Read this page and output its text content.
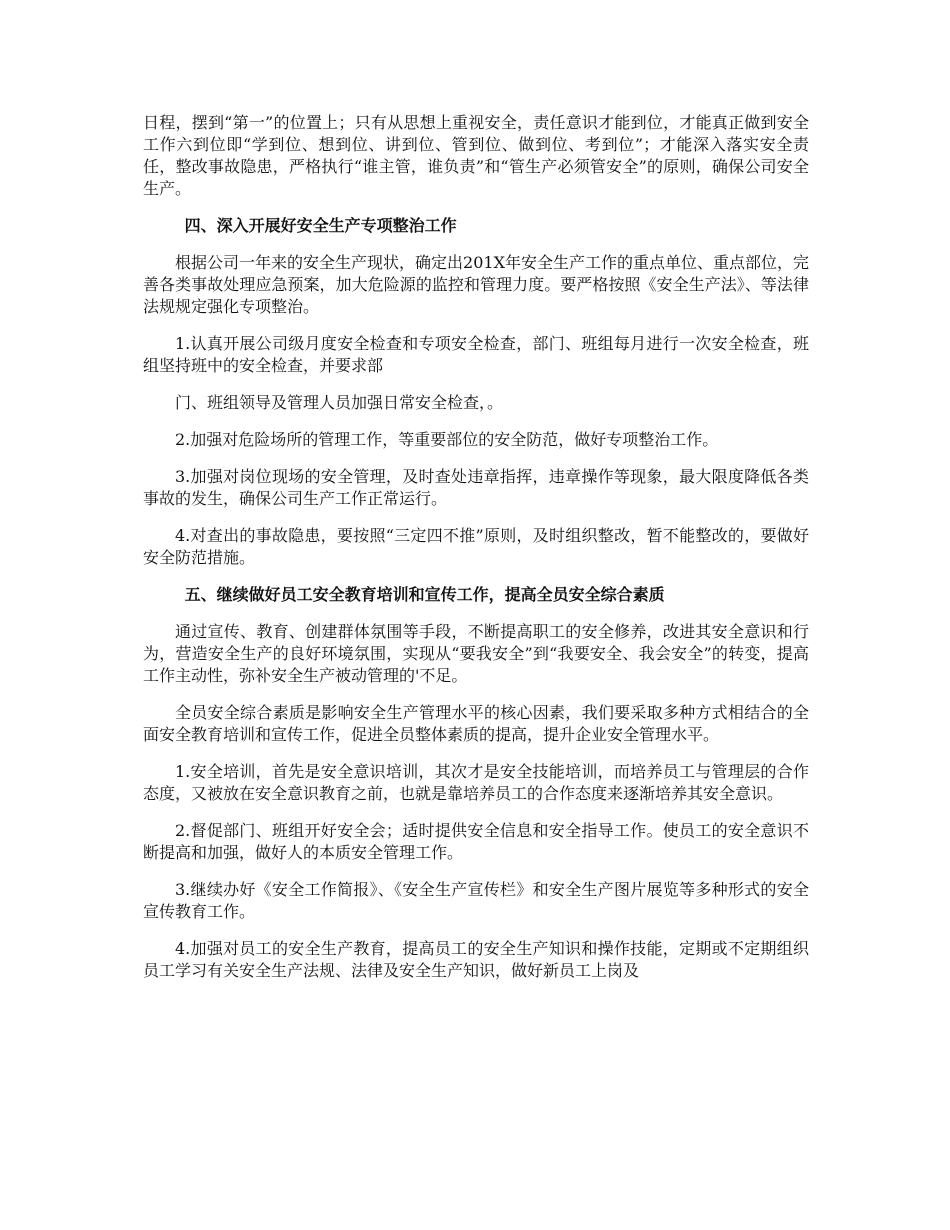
日程，摆到“第一”的位置上；只有从思想上重视安全，责任意识才能到位，才能真正做到安全工作六到位即“学到位、想到位、讲到位、管到位、做到位、考到位”；才能深入落实安全责任，整改事故隐患，严格执行“谁主管，谁负责”和“管生产必须管安全”的原则，确保公司安全生产。

四、深入开展好安全生产专项整治工作

根据公司一年来的安全生产现状，确定出201X年安全生产工作的重点单位、重点部位，完善各类事故处理应急预案，加大危险源的监控和管理力度。要严格按照《安全生产法》、等法律法规规定强化专项整治。

1.认真开展公司级月度安全检查和专项安全检查，部门、班组每月进行一次安全检查，班组坚持班中的安全检查，并要求部

门、班组领导及管理人员加强日常安全检查，。

2.加强对危险场所的管理工作，等重要部位的安全防范，做好专项整治工作。

3.加强对岗位现场的安全管理，及时查处违章指挥，违章操作等现象，最大限度降低各类事故的发生，确保公司生产工作正常运行。

4.对查出的事故隐患，要按照“三定四不推”原则，及时组织整改，暂不能整改的，要做好安全防范措施。

五、继续做好员工安全教育培训和宣传工作，提高全员安全综合素质

通过宣传、教育、创建群体氛围等手段，不断提高职工的安全修养，改进其安全意识和行为，营造安全生产的良好环境氛围，实现从“要我安全”到“我要安全、我会安全”的转变，提高工作主动性，弥补安全生产被动管理的'不足。

全员安全综合素质是影响安全生产管理水平的核心因素，我们要采取多种方式相结合的全面安全教育培训和宣传工作，促进全员整体素质的提高，提升企业安全管理水平。

1.安全培训，首先是安全意识培训，其次才是安全技能培训，而培养员工与管理层的合作态度，又被放在安全意识教育之前，也就是靠培养员工的合作态度来逐渐培养其安全意识。

2.督促部门、班组开好安全会；适时提供安全信息和安全指导工作。使员工的安全意识不断提高和加强，做好人的本质安全管理工作。

3.继续办好《安全工作简报》、《安全生产宣传栏》和安全生产图片展览等多种形式的安全宣传教育工作。

4.加强对员工的安全生产教育，提高员工的安全生产知识和操作技能，定期或不定期组织员工学习有关安全生产法规、法律及安全生产知识，做好新员工上岗及
